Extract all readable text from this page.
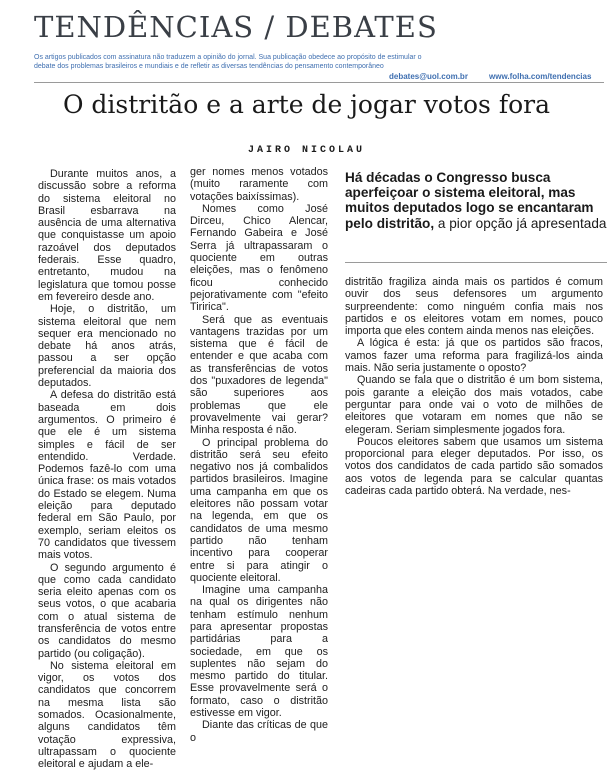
TENDÊNCIAS / DEBATES
Os artigos publicados com assinatura não traduzem a opinião do jornal. Sua publicação obedece ao propósito de estimular o debate dos problemas brasileiros e mundiais e de refletir as diversas tendências do pensamento contemporâneo
debates@uol.com.br	www.folha.com/tendencias
O distritão e a arte de jogar votos fora
JAIRO NICOLAU

Durante muitos anos, a discussão sobre a reforma do sistema eleitoral no Brasil esbarrava na ausência de uma alternativa que conquistasse um apoio razoável dos deputados federais. Esse quadro, entretanto, mudou na legislatura que tomou posse em fevereiro desde ano.

Hoje, o distritão, um sistema eleitoral que nem sequer era mencionado no debate há anos atrás, passou a ser opção preferencial da maioria dos deputados.

A defesa do distritão está baseada em dois argumentos. O primeiro é que ele é um sistema simples e fácil de ser entendido. Verdade. Podemos fazê-lo com uma única frase: os mais votados do Estado se elegem. Numa eleição para deputado federal em São Paulo, por exemplo, seriam eleitos os 70 candidatos que tivessem mais votos.

O segundo argumento é que como cada candidato seria eleito apenas com os seus votos, o que acabaria com o atual sistema de transferência de votos entre os candidatos do mesmo partido (ou coligação).

No sistema eleitoral em vigor, os votos dos candidatos que concorrem na mesma lista são somados. Ocasionalmente, alguns candidatos têm votação expressiva, ultrapassam o quociente eleitoral e ajudam a ele-

ger nomes menos votados (muito raramente com votações baixíssimas).

Nomes como José Dirceu, Chico Alencar, Fernando Gabeira e José Serra já ultrapassaram o quociente em outras eleições, mas o fenômeno ficou conhecido pejorativamente com "efeito Tiririca".

Será que as eventuais vantagens trazidas por um sistema que é fácil de entender e que acaba com as transferências de votos dos "puxadores de legenda" são superiores aos problemas que ele provavelmente vai gerar? Minha resposta é não.

O principal problema do distritão será seu efeito negativo nos já combalidos partidos brasileiros. Imagine uma campanha em que os eleitores não possam votar na legenda, em que os candidatos de uma mesmo partido não tenham incentivo para cooperar entre si para atingir o quociente eleitoral.

Imagine uma campanha na qual os dirigentes não tenham estímulo nenhum para apresentar propostas partidárias para a sociedade, em que os suplentes não sejam do mesmo partido do titular. Esse provavelmente será o formato, caso o distritão estivesse em vigor.

Diante das críticas de que o

Há décadas o Congresso busca aperfeiçoar o sistema eleitoral, mas muitos deputados logo se encantaram pelo distritão, a pior opção já apresentada

distritão fragiliza ainda mais os partidos é comum ouvir dos seus defensores um argumento surpreendente: como ninguém confia mais nos partidos e os eleitores votam em nomes, pouco importa que eles contem ainda menos nas eleições.

A lógica é esta: já que os partidos são fracos, vamos fazer uma reforma para fragilizá-los ainda mais. Não seria justamente o oposto?

Quando se fala que o distritão é um bom sistema, pois garante a eleição dos mais votados, cabe perguntar para onde vai o voto de milhões de eleitores que votaram em nomes que não se elegeram. Seriam simplesmente jogados fora.

Poucos eleitores sabem que usamos um sistema proporcional para eleger deputados. Por isso, os votos dos candidatos de cada partido são somados aos votos de legenda para se calcular quantas cadeiras cada partido obterá. Na verdade, nes-
